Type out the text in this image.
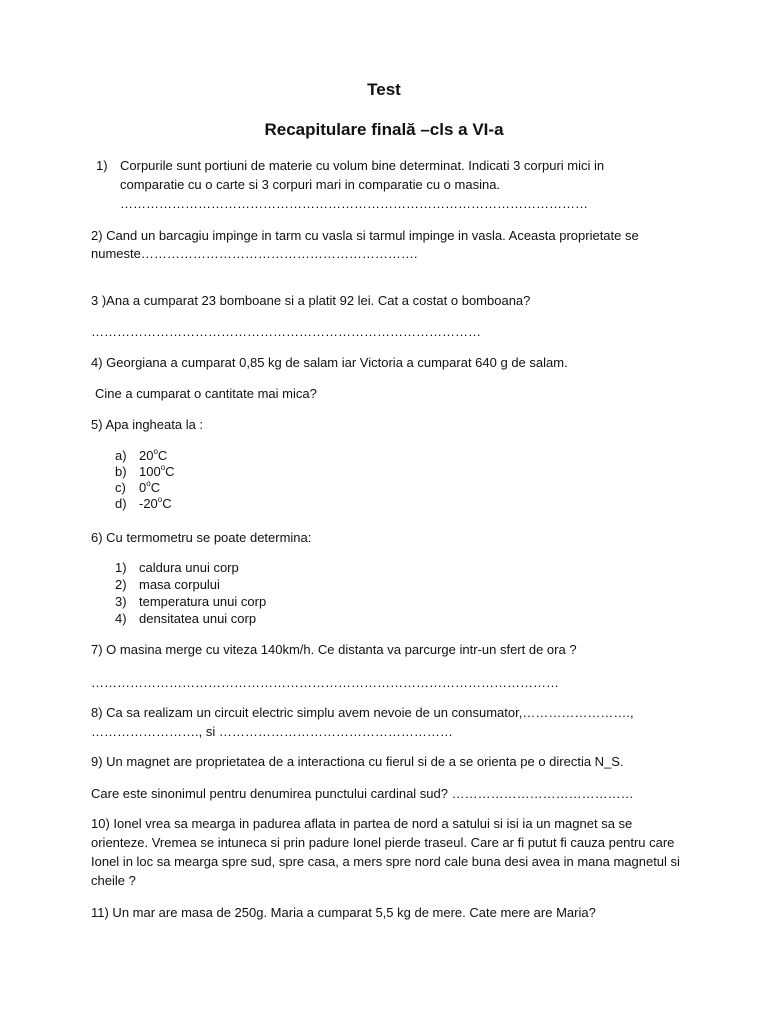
Test
Recapitulare finală –cls a VI-a
1) Corpurile sunt portiuni de materie cu volum bine determinat. Indicati 3 corpuri mici in
comparatie cu o carte si 3 corpuri mari in comparatie cu o masina.
………………………………………………………………………………………………
2) Cand un barcagiu impinge in tarm cu vasla si tarmul impinge in vasla. Aceasta proprietate se
numeste……………………………………………………….
3 )Ana a cumparat 23 bomboane si a platit 92 lei. Cat a costat o bomboana?
………………………………………………………………………………
4) Georgiana a cumparat 0,85 kg de salam iar Victoria a cumparat 640 g de salam.
Cine a cumparat o cantitate mai mica?
5) Apa ingheata la :
a) 20$^o$C
b) 100$^o$C
c) 0$^o$C
d) -20$^o$C
6) Cu termometru se poate determina:
1) caldura unui corp
2) masa corpului
3) temperatura unui corp
4) densitatea unui corp
7) O masina merge cu viteza 140km/h. Ce distanta va parcurge intr-un sfert de ora ?
………………………………………………………………………………………………
8) Ca sa realizam un circuit electric simplu avem nevoie de un consumator,…………………….,
……………………., si ………………………………………………
9) Un magnet are proprietatea de a interactiona cu fierul si de a se orienta pe o directia N_S.
Care este sinonimul pentru denumirea punctului cardinal sud? ……………………………………
10) Ionel vrea sa mearga in padurea aflata in partea de nord a satului si isi ia un magnet sa se
orienteze. Vremea se intuneca si prin padure Ionel pierde traseul. Care ar fi putut fi cauza pentru care
Ionel in loc sa mearga spre sud, spre casa, a mers spre nord cale buna desi avea in mana magnetul si
cheile ?
11) Un mar are masa de 250g. Maria a cumparat 5,5 kg de mere. Cate mere are Maria?
